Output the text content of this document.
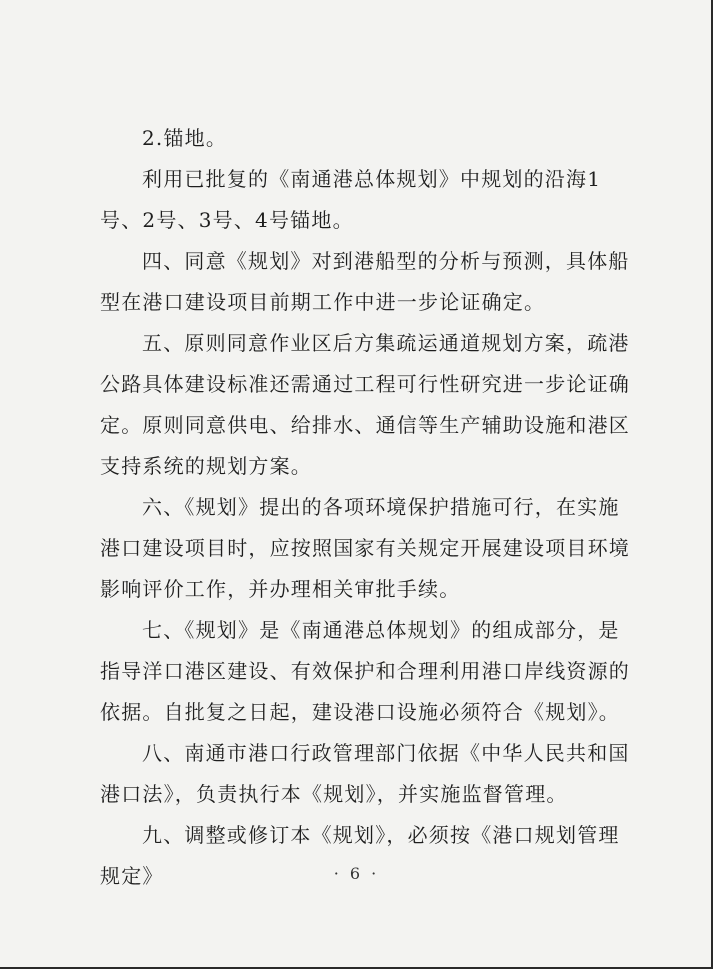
2.锚地。

利用已批复的《南通港总体规划》中规划的沿海1号、2号、3号、4号锚地。

四、同意《规划》对到港船型的分析与预测，具体船型在港口建设项目前期工作中进一步论证确定。

五、原则同意作业区后方集疏运通道规划方案，疏港公路具体建设标准还需通过工程可行性研究进一步论证确定。原则同意供电、给排水、通信等生产辅助设施和港区支持系统的规划方案。

六、《规划》提出的各项环境保护措施可行，在实施港口建设项目时，应按照国家有关规定开展建设项目环境影响评价工作，并办理相关审批手续。

七、《规划》是《南通港总体规划》的组成部分，是指导洋口港区建设、有效保护和合理利用港口岸线资源的依据。自批复之日起，建设港口设施必须符合《规划》。

八、南通市港口行政管理部门依据《中华人民共和国港口法》，负责执行本《规划》，并实施监督管理。

九、调整或修订本《规划》，必须按《港口规划管理规定》	· 6 ·
